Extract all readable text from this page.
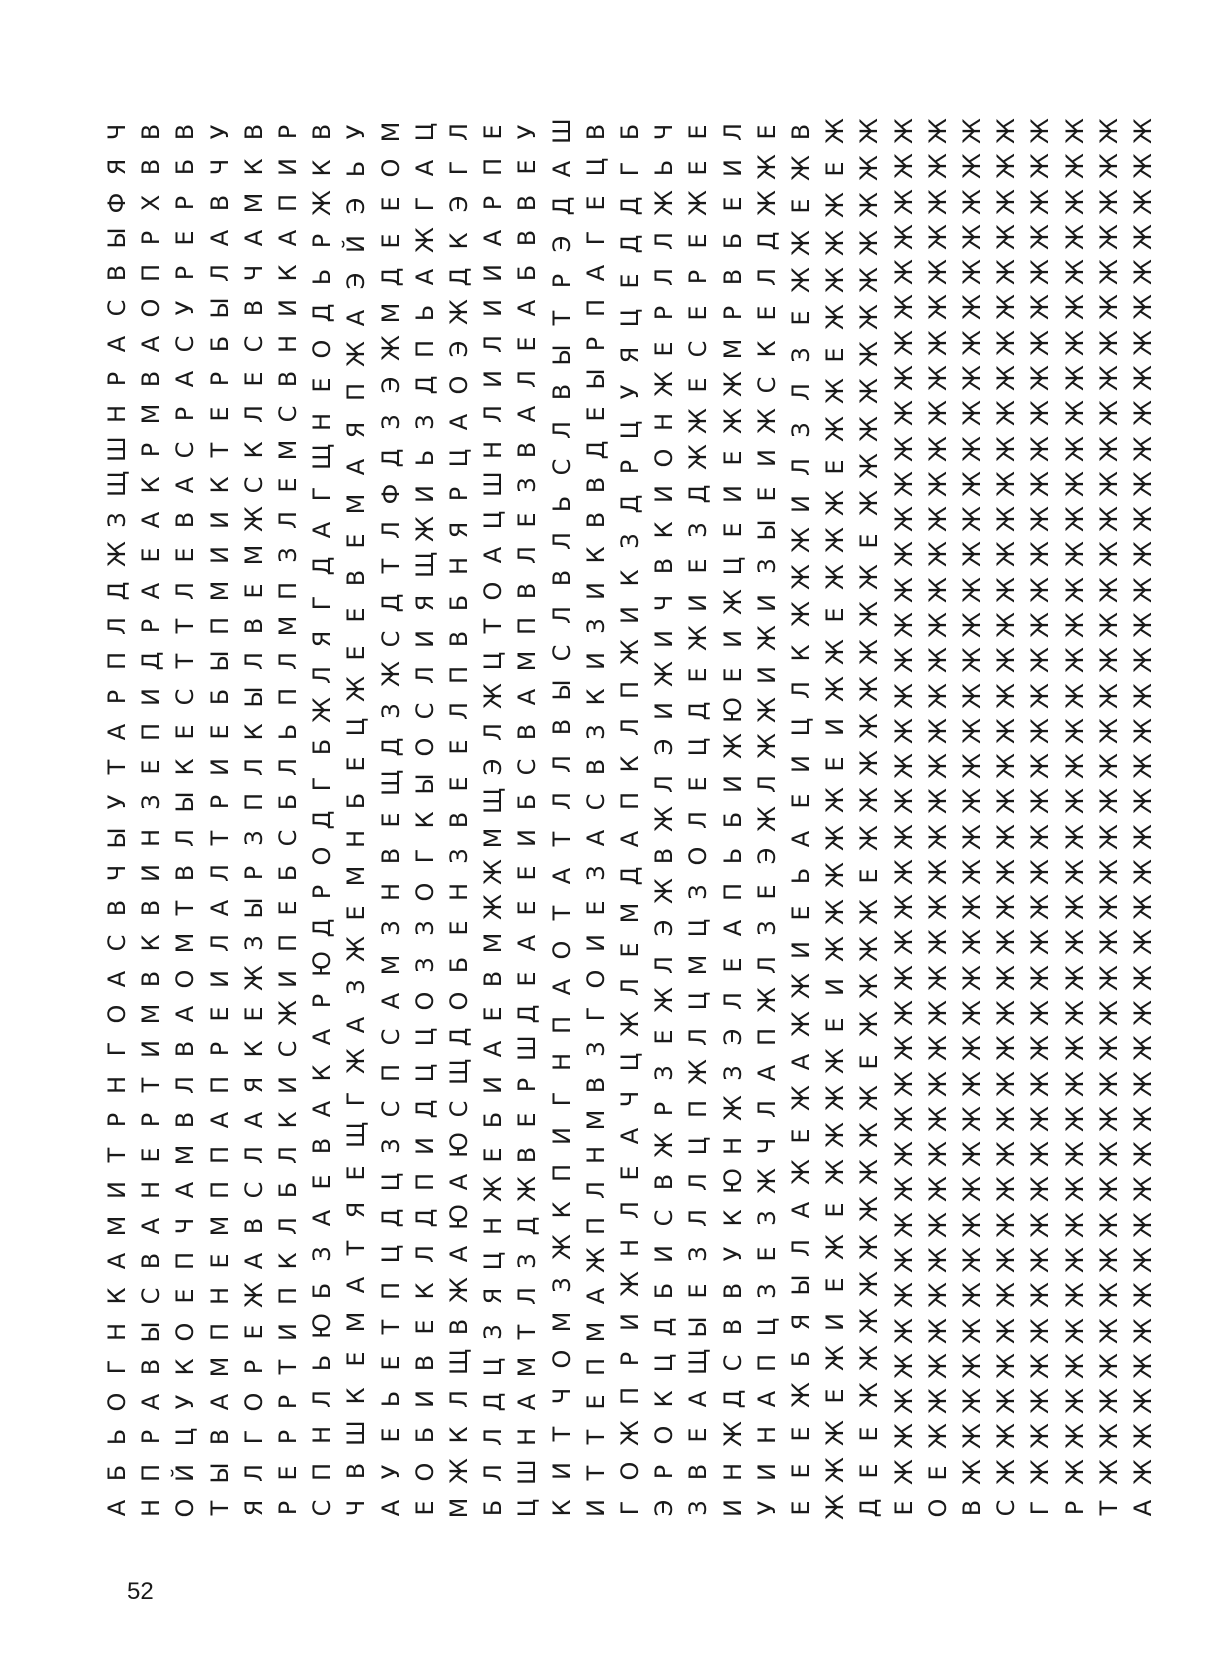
А
Б
Ь
О
Г
Н
К
А
М
И
Т
Р
Н
Г
О
А
С
В
Ч
Ы
У
Т
А
Р
П
Л
Д
Ж
З
Щ
Ш
Н
Р
А
С
В
Ы
Ф
Я
Ч
Н
П
Р
А
В
Ы
С
В
А
Н
Е
Р
Т
И
М
В
К
В
И
Н
З
Е
П
И
Д
Р
А
Е
А
К
Р
М
В
А
О
П
Р
Х
В
В
О
Й
Ц
У
К
О
Е
П
Ч
А
М
В
Л
В
А
О
М
Т
В
Л
Ы
К
Е
С
Т
Т
Л
Е
В
А
С
Р
А
С
У
Р
Е
Р
Б
В
Т
Ы
В
А
М
П
Н
Е
М
П
П
А
П
Р
Е
И
Л
А
Л
Т
Р
И
Е
Б
Ы
П
М
И
И
К
Т
Е
Р
Б
Ы
Л
А
В
Ч
У
Я
Л
Г
О
Р
Е
Ж
А
В
С
Л
А
Я
К
Е
Ж
З
Ы
Р
З
П
Л
К
Ы
Л
В
Е
М
Ж
С
К
Л
Е
С
В
Ч
А
М
К
В
Р
Е
Р
Р
Т
И
П
К
Л
Б
Л
К
И
С
Ж
И
П
Е
Б
С
Б
Л
Ь
П
Л
М
П
З
Л
Е
М
С
В
Н
И
К
А
П
И
Р
С
П
Н
Л
Ь
Ю
Б
З
А
Е
В
А
К
А
Р
Ю
Д
Р
О
Д
Г
Б
Ж
Л
Я
Г
Д
А
Г
Щ
Н
Е
О
Д
Ь
Р
Ж
К
В
Ч
В
Ш
К
Е
М
А
Т
Я
Е
Щ
Г
Ж
А
З
Ж
Е
М
Н
Б
Е
Ц
Ж
Е
Е
В
Е
М
А
Я
П
Ж
А
Э
Й
Э
Ь
У
А
У
Е
Ь
Е
Т
П
Ц
Д
Ц
З
С
П
С
А
М
З
Н
В
Е
Щ
Д
З
Ж
С
Д
Т
Л
Ф
Д
З
Э
Ж
М
Д
Е
Е
О
М
Е
О
Б
И
В
Е
К
Л
Д
П
И
Д
Ц
Ц
О
З
З
О
Г
К
Ы
О
С
Л
И
Я
Щ
Ж
И
Ь
З
Д
П
Ь
А
Ж
Г
А
Ц
М
Ж
К
Л
Щ
В
Ж
А
Ю
А
Ю
С
Щ
Д
О
Б
Е
Н
З
В
Е
Е
Л
П
В
Б
Н
Я
Р
Ц
А
О
Э
Ж
Д
К
Э
Г
Л
Б
Л
Л
Д
Ц
З
Я
Ц
Н
Ж
Е
Б
И
А
Е
В
М
Ж
Ж
М
Щ
Э
Л
Ж
Ц
Т
О
А
Ц
Ш
Н
Л
И
Л
И
И
А
Р
П
Е
Ц
Ш
Н
А
М
Т
Л
З
Д
Ж
В
Е
Р
Ш
Д
Е
А
Е
Е
И
Б
С
В
А
М
П
В
Л
Е
З
В
А
Л
Е
А
Б
В
В
Е
У
К
И
Т
Ч
О
М
З
Ж
К
П
И
Г
Н
П
А
О
Т
А
Т
Л
Л
В
Ы
С
Л
В
Л
Ь
С
Л
В
Ы
Т
Р
Э
Д
А
Ш
И
Т
Т
Е
П
М
А
Ж
П
Л
Н
М
В
З
Г
О
И
Е
З
А
С
В
З
К
И
З
И
К
В
В
Д
Е
Ы
Р
П
А
Г
Е
Ц
В
Г
О
Ж
П
Р
И
Ж
Н
Л
Е
А
Ч
Ц
Ж
Л
Е
М
Д
А
П
К
Л
П
Ж
И
К
З
Д
Р
Ц
У
Я
Ц
Е
Д
Д
Г
Б
Э
Р
О
К
Ц
Д
Б
И
С
В
Ж
Р
З
Е
Ж
Л
Э
Ж
В
Ж
Л
Э
И
Ж
И
Ч
В
К
И
О
Н
Ж
Е
Р
Л
Л
Ж
Ь
Ч
З
В
Е
А
Щ
Ы
Е
З
Л
Л
Ц
П
Ж
Л
Ц
М
Ц
З
О
Л
Е
Ц
Д
Е
Ж
И
Е
З
Д
Ж
Ж
Е
С
Е
Р
Е
Ж
Е
Е
И
Н
Ж
Д
С
В
В
У
К
Ю
Н
Ж
З
Э
Л
Е
А
П
Ь
Б
И
Ж
Ю
Е
И
Ж
Ц
Е
И
Е
Ж
Ж
М
Р
В
Б
Е
И
Л
У
И
Н
А
П
Ц
З
Е
З
Ж
Ч
Л
А
П
Ж
Л
З
Е
Э
Ж
Л
Ж
Ж
И
Ж
И
З
Ы
Е
И
Ж
С
К
Е
Л
Д
Ж
Ж
Е
Е
Е
Е
Ж
Б
Я
Ы
Л
А
Ж
Е
Ж
А
Ж
Ж
И
Е
Ь
А
Е
И
Ц
Л
К
Ж
Ж
Ж
И
Л
З
Л
З
Е
Ж
Ж
Е
Ж
В
Ж
Ж
Ж
Е
Ж
И
Е
Ж
Е
Ж
Ж
Ж
Ж
Е
И
Ж
Ж
Ж
Ж
Ж
Е
И
Ж
Ж
Е
Ж
Ж
Ж
Е
Ж
Ж
Е
Ж
Ж
Ж
Ж
Е
Ж
Д
Е
Е
Ж
Ж
Ж
Ж
Ж
Ж
Ж
Ж
Ж
Е
Ж
Ж
Ж
Ж
Е
Ж
Ж
Ж
Ж
Ж
Ж
Ж
Ж
Е
Ж
Ж
Ж
Ж
Ж
Ж
Ж
Ж
Ж
Ж
Ж
Е
Ж
Ж
Ж
Ж
Ж
Ж
Ж
Ж
Ж
Ж
Ж
Ж
Ж
Ж
Ж
Ж
Ж
Ж
Ж
Ж
Ж
Ж
Ж
Ж
Ж
Ж
Ж
Ж
Ж
Ж
Ж
Ж
Ж
Ж
Ж
Ж
Ж
Ж
Ж
О
Е
Ж
Ж
Ж
Ж
Ж
Ж
Ж
Ж
Ж
Ж
Ж
Ж
Ж
Ж
Ж
Ж
Ж
Ж
Ж
Ж
Ж
Ж
Ж
Ж
Ж
Ж
Ж
Ж
Ж
Ж
Ж
Ж
Ж
Ж
Ж
Ж
Ж
Ж
В
Ж
Ж
Ж
Ж
Ж
Ж
Ж
Ж
Ж
Ж
Ж
Ж
Ж
Ж
Ж
Ж
Ж
Ж
Ж
Ж
Ж
Ж
Ж
Ж
Ж
Ж
Ж
Ж
Ж
Ж
Ж
Ж
Ж
Ж
Ж
Ж
Ж
Ж
Ж
С
Ж
Ж
Ж
Ж
Ж
Ж
Ж
Ж
Ж
Ж
Ж
Ж
Ж
Ж
Ж
Ж
Ж
Ж
Ж
Ж
Ж
Ж
Ж
Ж
Ж
Ж
Ж
Ж
Ж
Ж
Ж
Ж
Ж
Ж
Ж
Ж
Ж
Ж
Ж
Г
Ж
Ж
Ж
Ж
Ж
Ж
Ж
Ж
Ж
Ж
Ж
Ж
Ж
Ж
Ж
Ж
Ж
Ж
Ж
Ж
Ж
Ж
Ж
Ж
Ж
Ж
Ж
Ж
Ж
Ж
Ж
Ж
Ж
Ж
Ж
Ж
Ж
Ж
Ж
Р
Ж
Ж
Ж
Ж
Ж
Ж
Ж
Ж
Ж
Ж
Ж
Ж
Ж
Ж
Ж
Ж
Ж
Ж
Ж
Ж
Ж
Ж
Ж
Ж
Ж
Ж
Ж
Ж
Ж
Ж
Ж
Ж
Ж
Ж
Ж
Ж
Ж
Ж
Ж
Т
Ж
Ж
Ж
Ж
Ж
Ж
Ж
Ж
Ж
Ж
Ж
Ж
Ж
Ж
Ж
Ж
Ж
Ж
Ж
Ж
Ж
Ж
Ж
Ж
Ж
Ж
Ж
Ж
Ж
Ж
Ж
Ж
Ж
Ж
Ж
Ж
Ж
Ж
Ж
А
Ж
Ж
Ж
Ж
Ж
Ж
Ж
Ж
Ж
Ж
Ж
Ж
Ж
Ж
Ж
Ж
Ж
Ж
Ж
Ж
Ж
Ж
Ж
Ж
Ж
Ж
Ж
Ж
Ж
Ж
Ж
Ж
Ж
Ж
Ж
Ж
Ж
Ж
Ж
52
